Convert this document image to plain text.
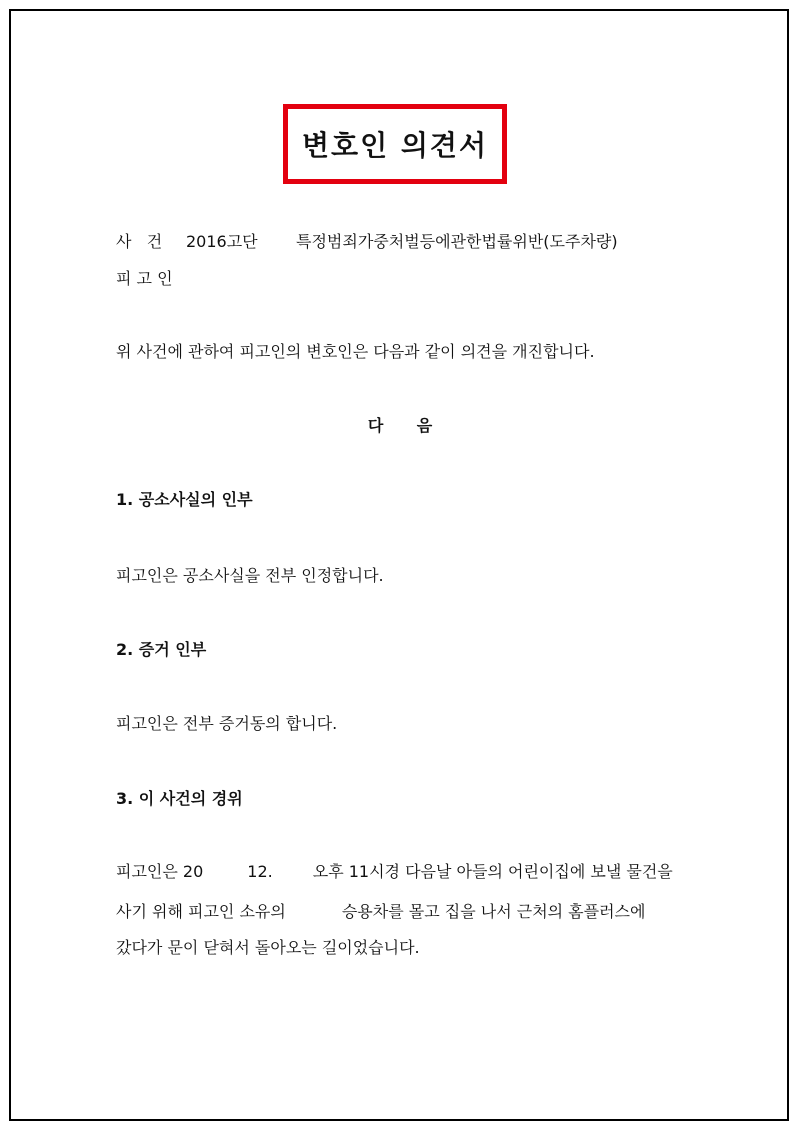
변호인 의견서
사   건 2016고단 특정범죄가중처벌등에관한법률위반(도주차량)
피 고 인
위 사건에 관하여 피고인의 변호인은 다음과 같이 의견을 개진합니다.
다      음
1. 공소사실의 인부
피고인은 공소사실을 전부 인정합니다.
2. 증거 인부
피고인은 전부 증거동의 합니다.
3. 이 사건의 경위
피고인은 20	12.	오후 11시경 다음날 아들의 어린이집에 보낼 물건을
사기 위해 피고인 소유의	승용차를 몰고 집을 나서 근처의 홈플러스에
갔다가 문이 닫혀서 돌아오는 길이었습니다.
